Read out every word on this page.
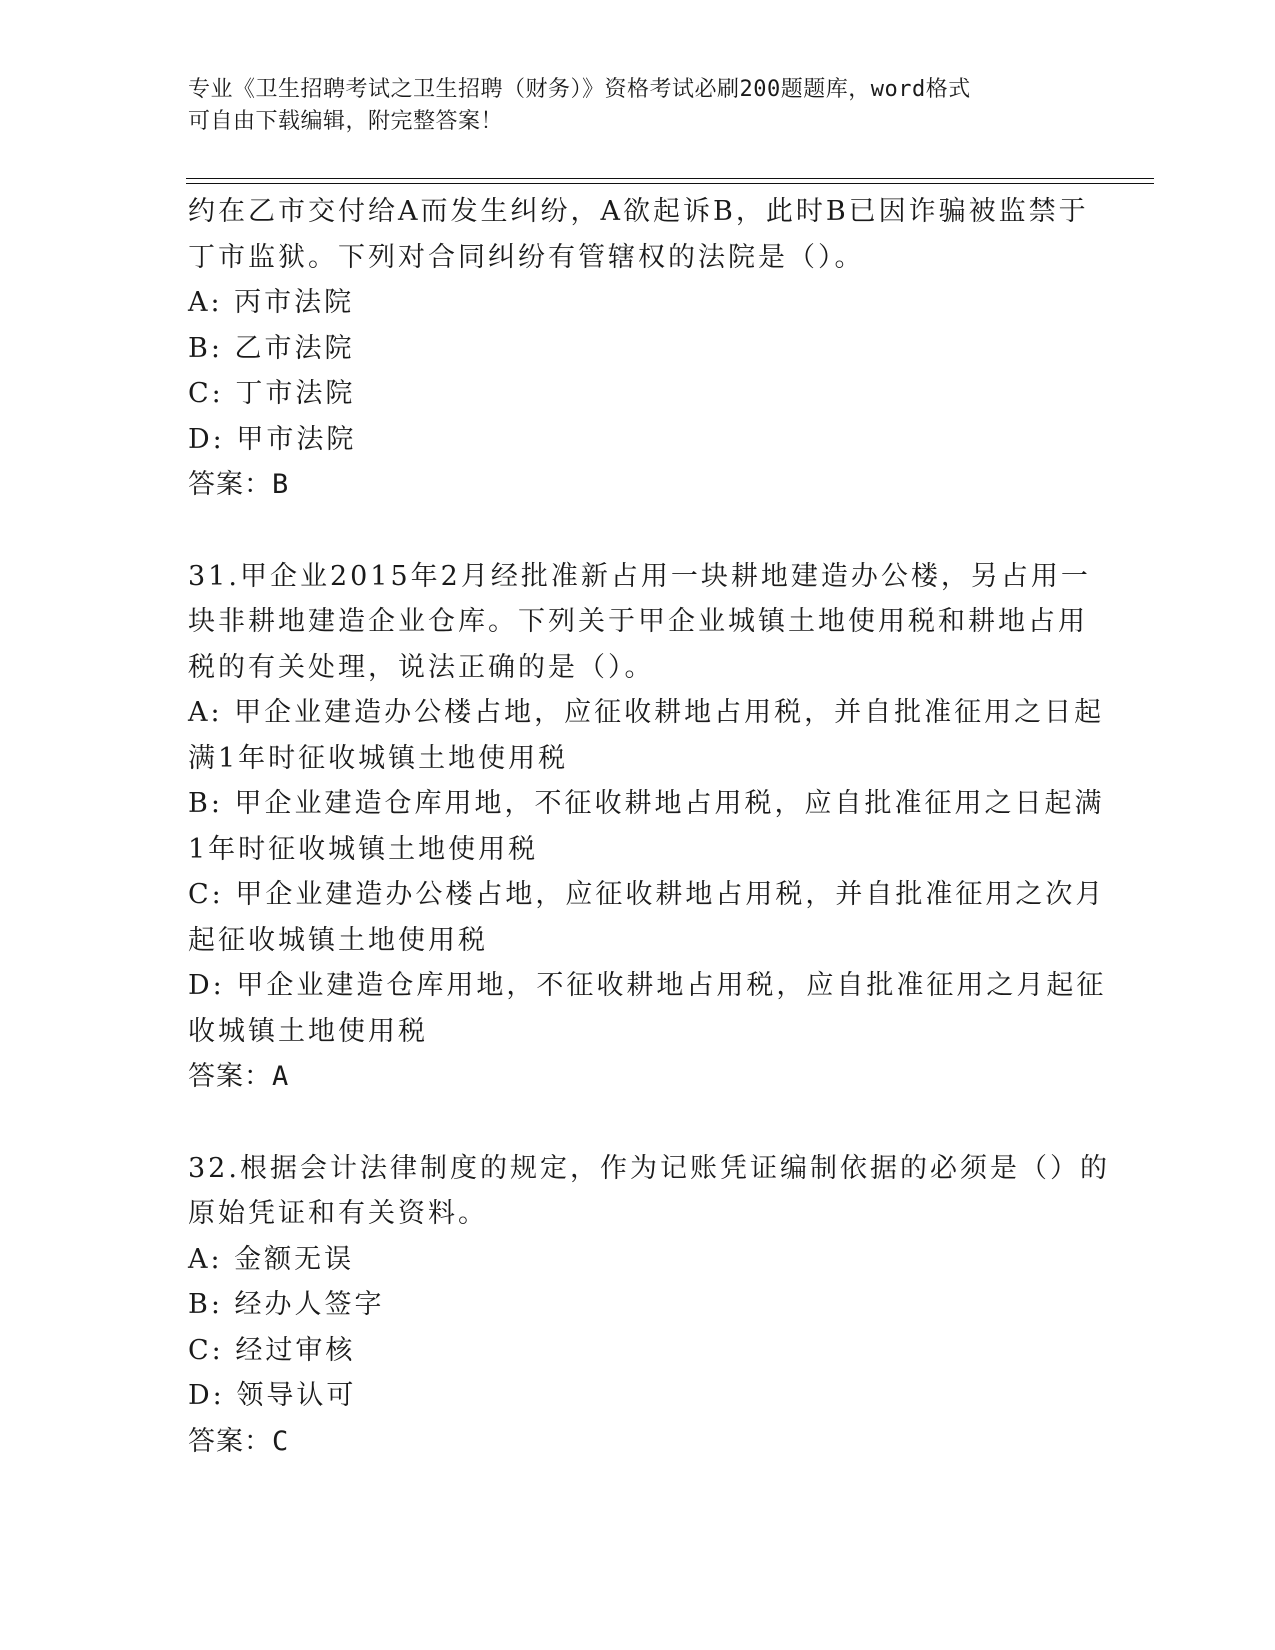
专业《卫生招聘考试之卫生招聘（财务）》资格考试必刷200题题库，word格式
可自由下载编辑，附完整答案！
约在乙市交付给A而发生纠纷，A欲起诉B，此时B已因诈骗被监禁于
丁市监狱。下列对合同纠纷有管辖权的法院是（）。
A: 丙市法院
B: 乙市法院
C: 丁市法院
D: 甲市法院
答案：B
31.甲企业2015年2月经批准新占用一块耕地建造办公楼，另占用一
块非耕地建造企业仓库。下列关于甲企业城镇土地使用税和耕地占用
税的有关处理，说法正确的是（）。
A: 甲企业建造办公楼占地，应征收耕地占用税，并自批准征用之日起
满1年时征收城镇土地使用税
B: 甲企业建造仓库用地，不征收耕地占用税，应自批准征用之日起满
1年时征收城镇土地使用税
C: 甲企业建造办公楼占地，应征收耕地占用税，并自批准征用之次月
起征收城镇土地使用税
D: 甲企业建造仓库用地，不征收耕地占用税，应自批准征用之月起征
收城镇土地使用税
答案：A
32.根据会计法律制度的规定，作为记账凭证编制依据的必须是（）的
原始凭证和有关资料。
A: 金额无误
B: 经办人签字
C: 经过审核
D: 领导认可
答案：C
